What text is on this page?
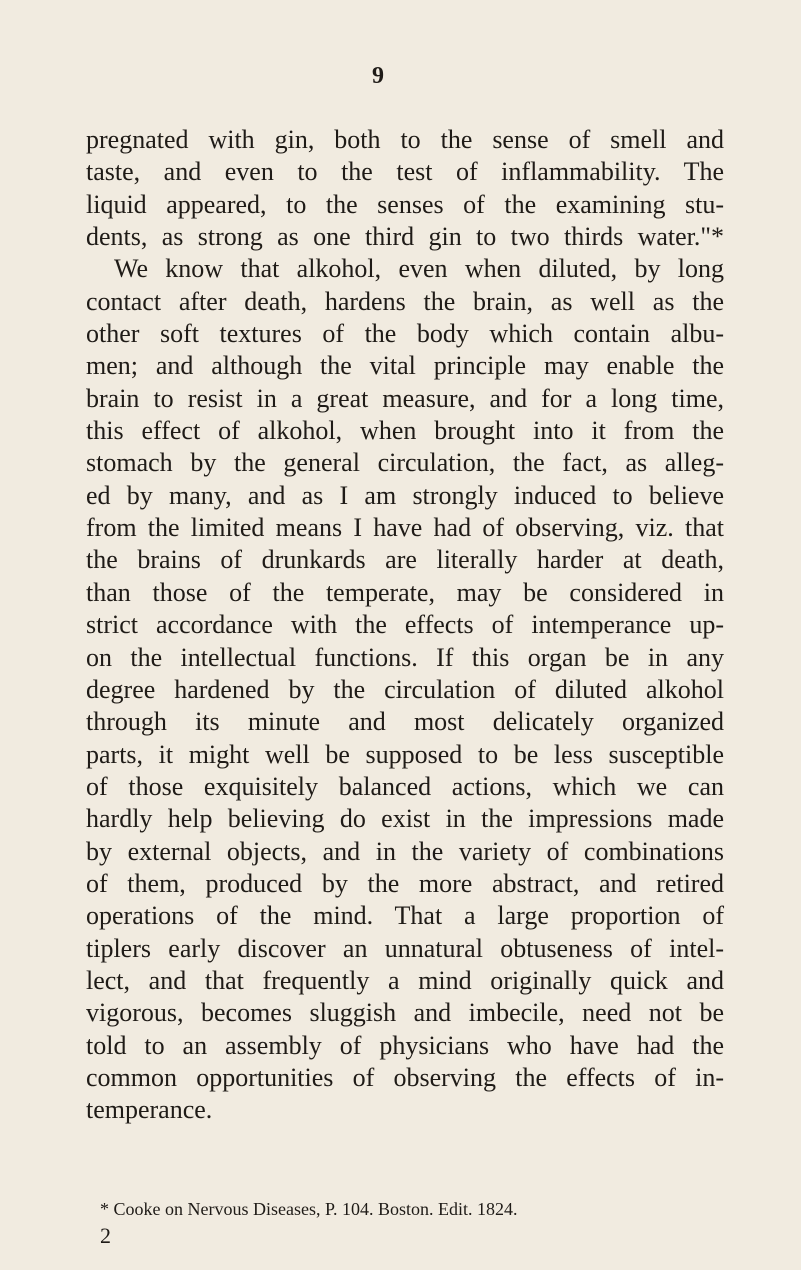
9
pregnated with gin, both to the sense of smell and
taste, and even to the test of inflammability. The
liquid appeared, to the senses of the examining stu-
dents, as strong as one third gin to two thirds water."*
We know that alkohol, even when diluted, by long
contact after death, hardens the brain, as well as the
other soft textures of the body which contain albu-
men; and although the vital principle may enable the
brain to resist in a great measure, and for a long time,
this effect of alkohol, when brought into it from the
stomach by the general circulation, the fact, as alleg-
ed by many, and as I am strongly induced to believe
from the limited means I have had of observing, viz. that
the brains of drunkards are literally harder at death,
than those of the temperate, may be considered in
strict accordance with the effects of intemperance up-
on the intellectual functions. If this organ be in any
degree hardened by the circulation of diluted alkohol
through its minute and most delicately organized
parts, it might well be supposed to be less susceptible
of those exquisitely balanced actions, which we can
hardly help believing do exist in the impressions made
by external objects, and in the variety of combinations
of them, produced by the more abstract, and retired
operations of the mind. That a large proportion of
tiplers early discover an unnatural obtuseness of intel-
lect, and that frequently a mind originally quick and
vigorous, becomes sluggish and imbecile, need not be
told to an assembly of physicians who have had the
common opportunities of observing the effects of in-
temperance.
* Cooke on Nervous Diseases, P. 104. Boston. Edit. 1824.
2
